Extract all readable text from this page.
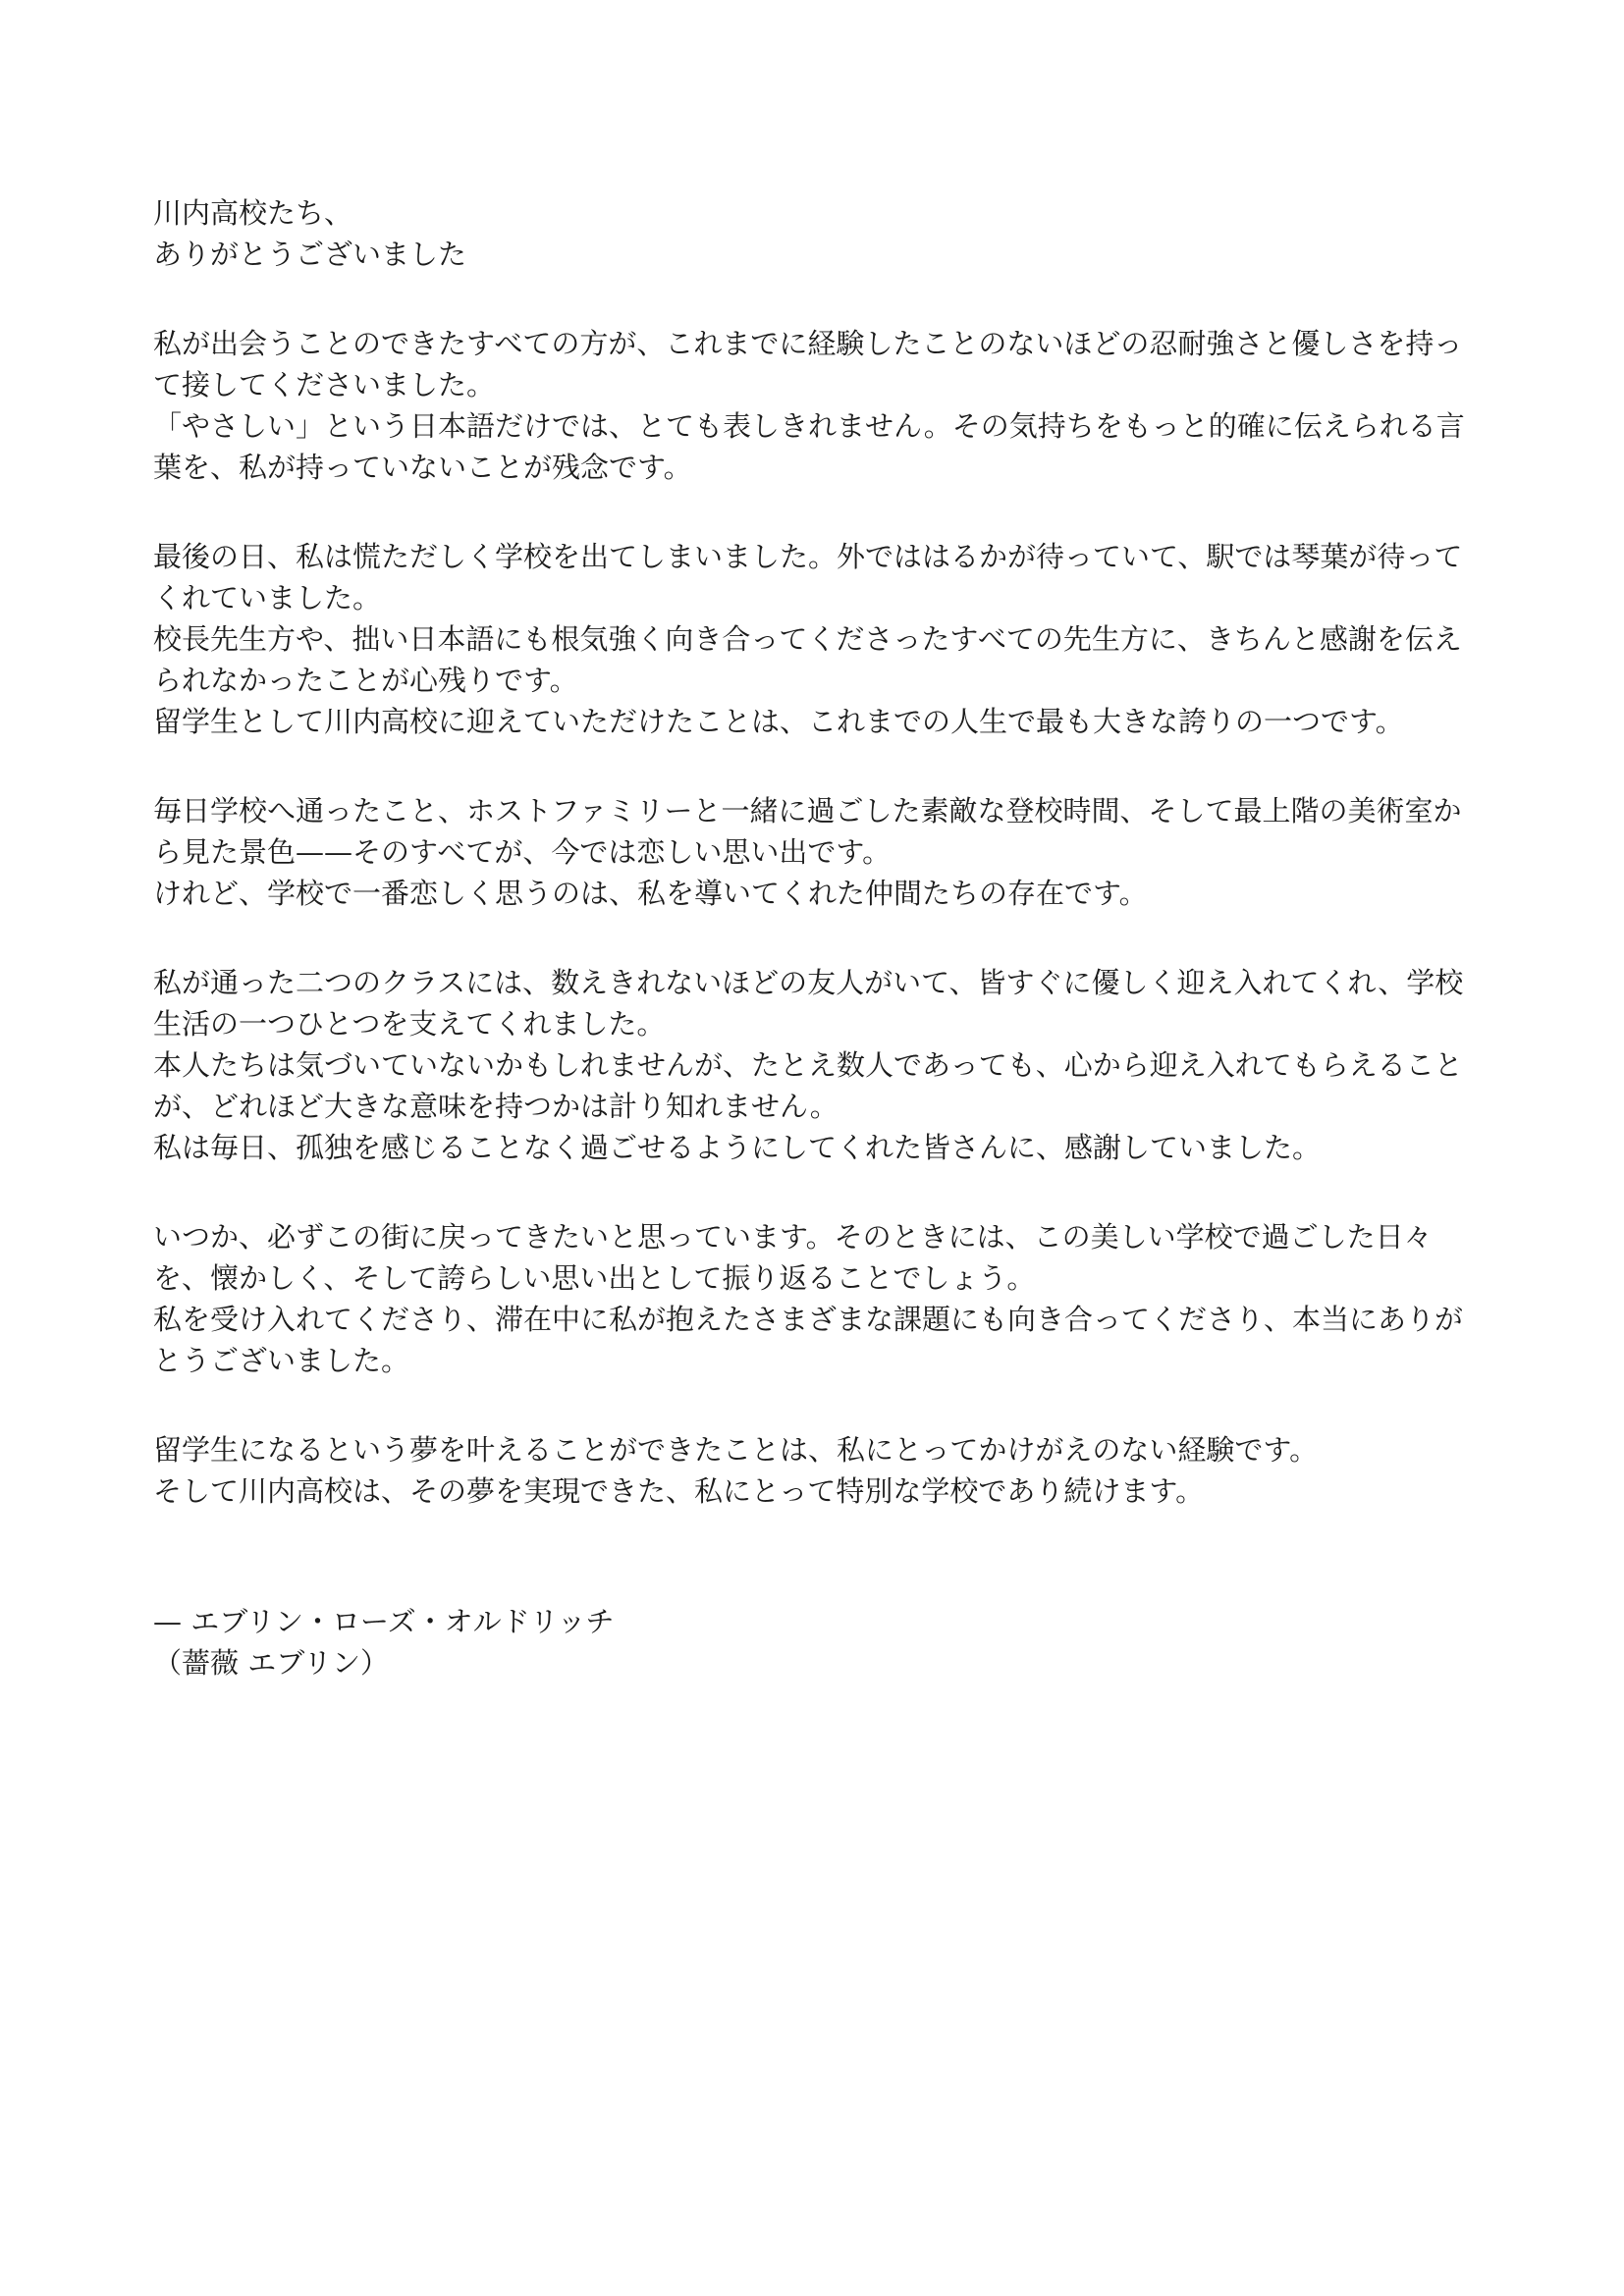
川内高校たち、
ありがとうございました

私が出会うことのできたすべての方が、これまでに経験したことのないほどの忍耐強さと優しさを持って接してくださいました。
「やさしい」という日本語だけでは、とても表しきれません。その気持ちをもっと的確に伝えられる言葉を、私が持っていないことが残念です。

最後の日、私は慌ただしく学校を出てしまいました。外でははるかが待っていて、駅では琴葉が待ってくれていました。
校長先生方や、拙い日本語にも根気強く向き合ってくださったすべての先生方に、きちんと感謝を伝えられなかったことが心残りです。
留学生として川内高校に迎えていただけたことは、これまでの人生で最も大きな誇りの一つです。

毎日学校へ通ったこと、ホストファミリーと一緒に過ごした素敵な登校時間、そして最上階の美術室から見た景色——そのすべてが、今では恋しい思い出です。
けれど、学校で一番恋しく思うのは、私を導いてくれた仲間たちの存在です。

私が通った二つのクラスには、数えきれないほどの友人がいて、皆すぐに優しく迎え入れてくれ、学校生活の一つひとつを支えてくれました。
本人たちは気づいていないかもしれませんが、たとえ数人であっても、心から迎え入れてもらえることが、どれほど大きな意味を持つかは計り知れません。
私は毎日、孤独を感じることなく過ごせるようにしてくれた皆さんに、感謝していました。

いつか、必ずこの街に戻ってきたいと思っています。そのときには、この美しい学校で過ごした日々を、懐かしく、そして誇らしい思い出として振り返ることでしょう。
私を受け入れてくださり、滞在中に私が抱えたさまざまな課題にも向き合ってくださり、本当にありがとうございました。

留学生になるという夢を叶えることができたことは、私にとってかけがえのない経験です。
そして川内高校は、その夢を実現できた、私にとって特別な学校であり続けます。

— エブリン・ローズ・オルドリッチ
（薔薇 エブリン）
